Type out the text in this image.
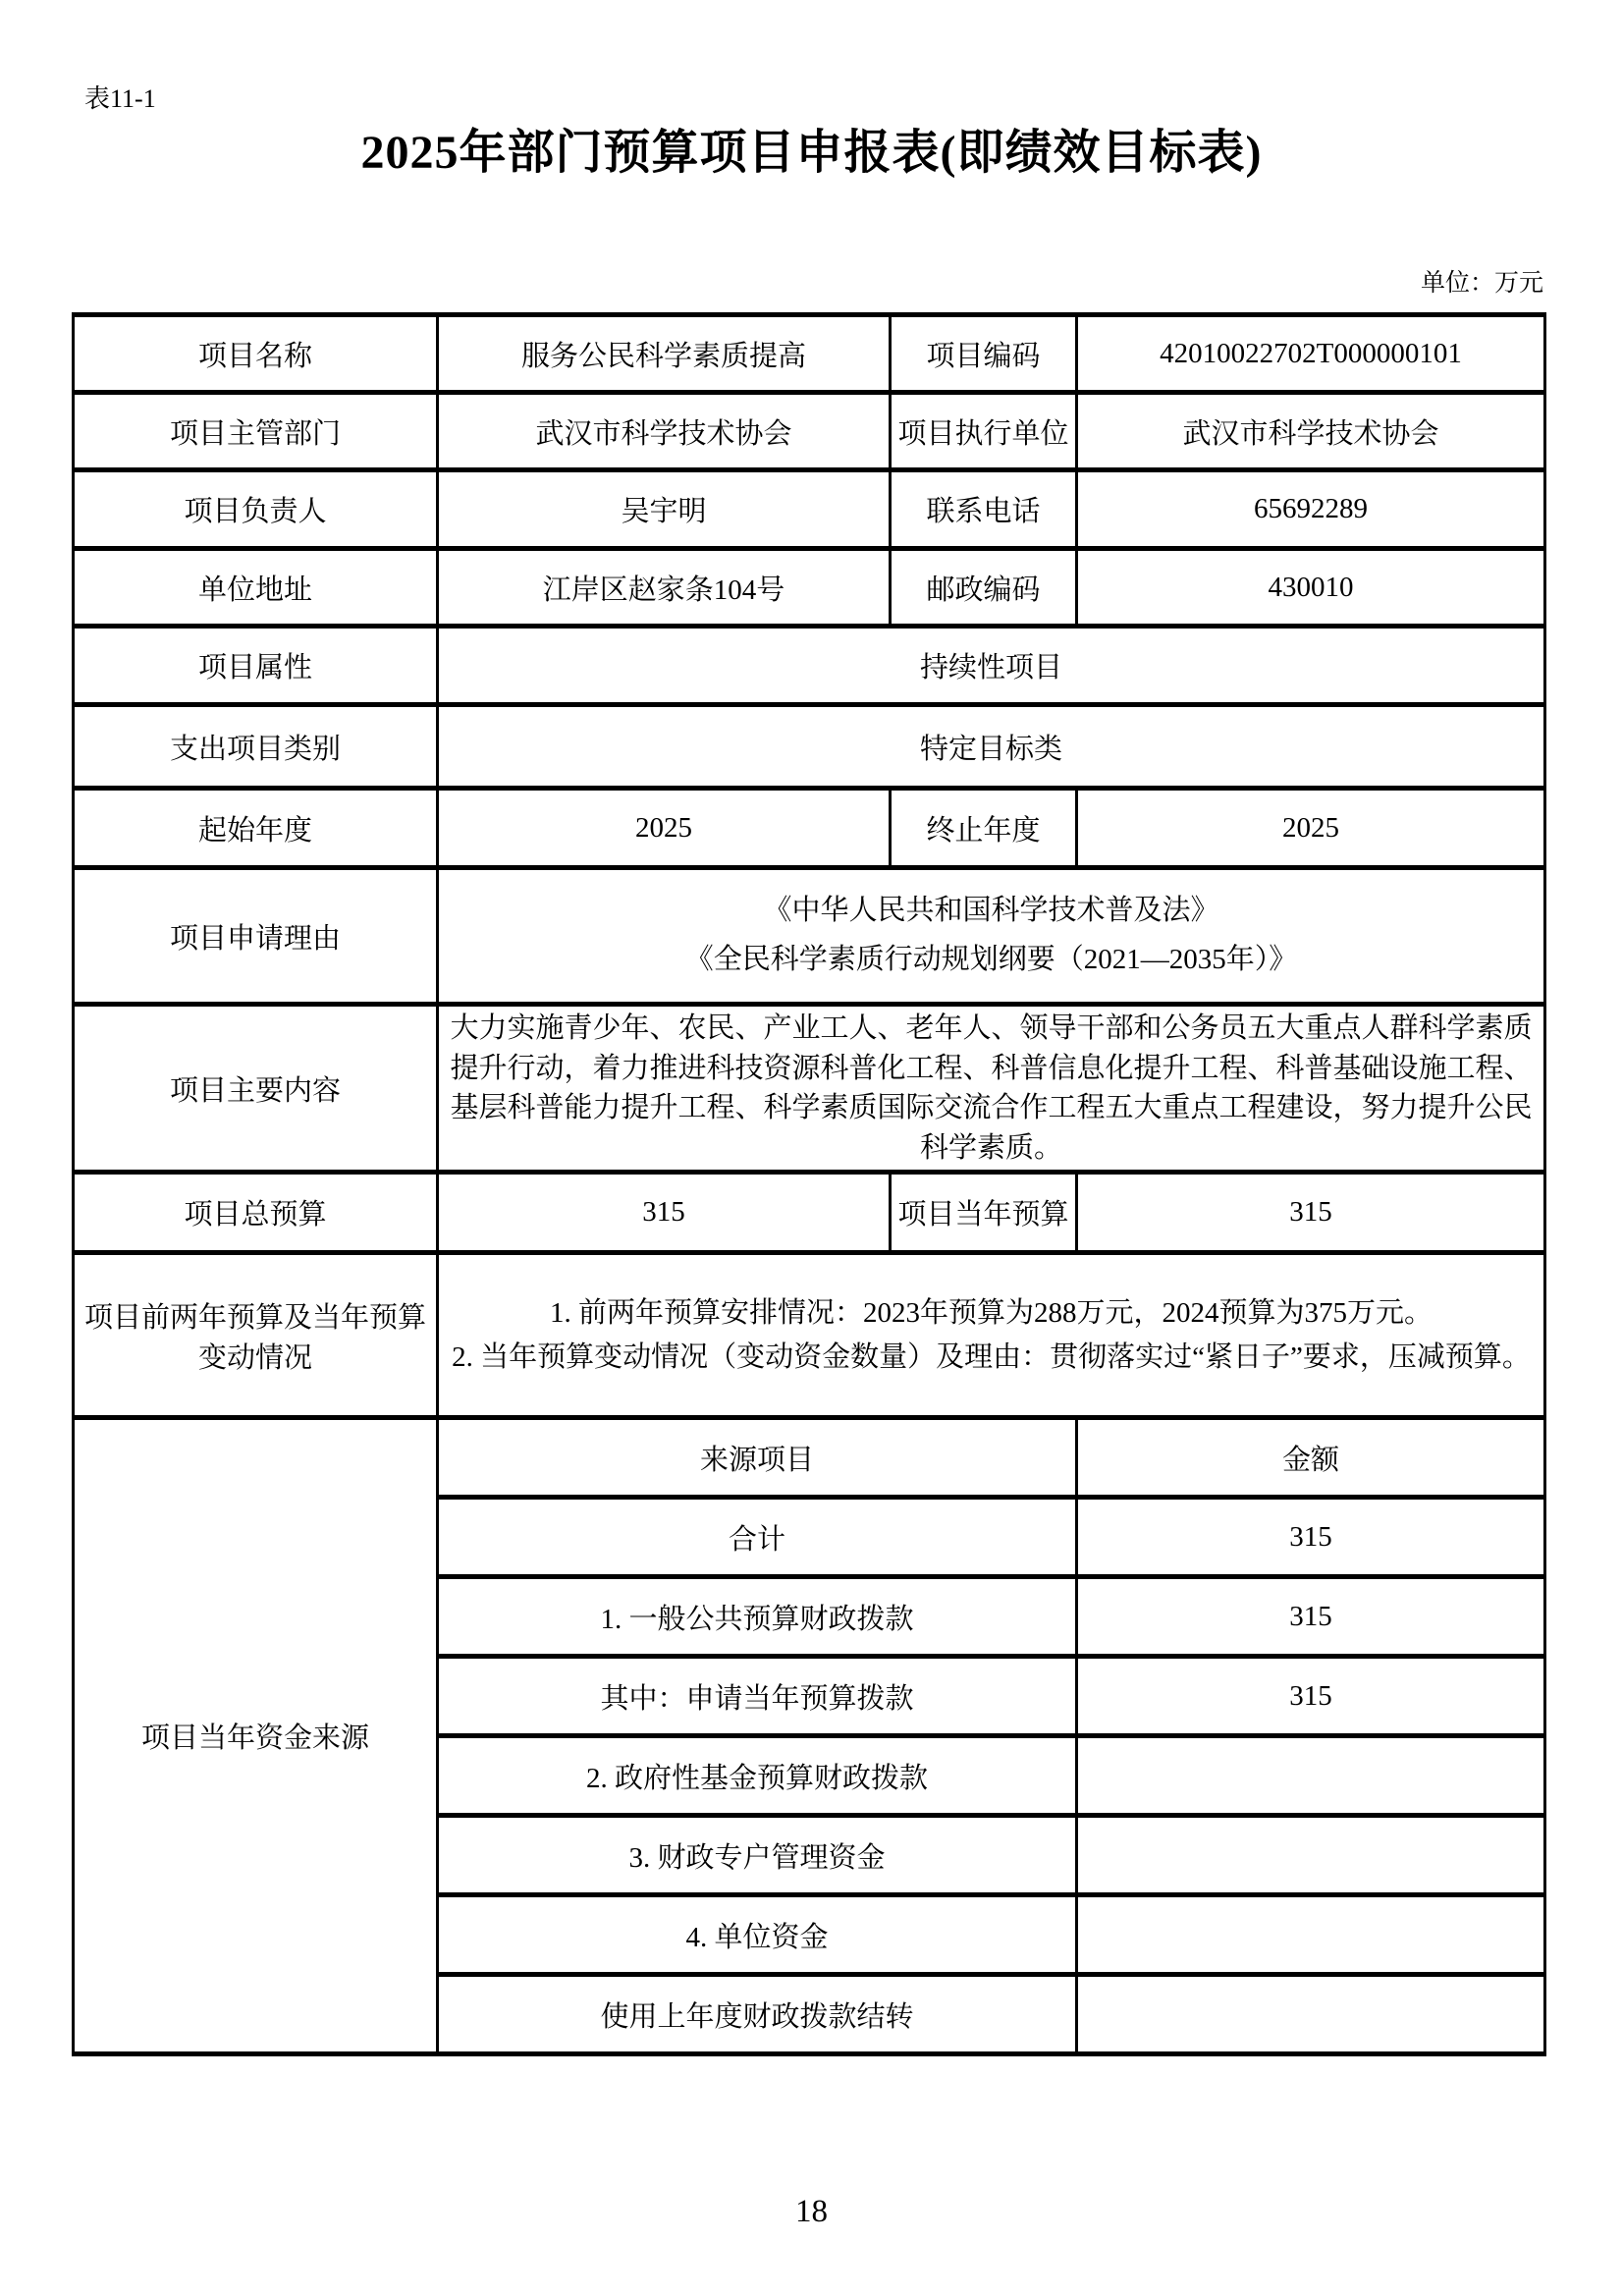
表11-1
2025年部门预算项目申报表(即绩效目标表)
单位：万元
项目名称	服务公民科学素质提高	项目编码	42010022702T000000101
项目主管部门	武汉市科学技术协会	项目执行单位	武汉市科学技术协会
项目负责人	吴宇明	联系电话	65692289
单位地址	江岸区赵家条104号	邮政编码	430010
项目属性	持续性项目		
支出项目类别	特定目标类		
起始年度	2025	终止年度	2025
项目申请理由	《中华人民共和国科学技术普及法》
《全民科学素质行动规划纲要（2021—2035年）》		

项目主要内容	大力实施青少年、农民、产业工人、老年人、领导干部和公务员五大重点人群科学素质提升行动，着力推进科技资源科普化工程、科普信息化提升工程、科普基础设施工程、基层科普能力提升工程、科学素质国际交流合作工程五大重点工程建设，努力提升公民科学素质。		
项目总预算	315	项目当年预算	315
项目前两年预算及当年预算变动情况	1. 前两年预算安排情况：2023年预算为288万元，2024预算为375万元。
2. 当年预算变动情况（变动资金数量）及理由：贯彻落实过“紧日子”要求，压减预算。		

项目当年资金来源	来源项目		金额
	合计		315
	1. 一般公共预算财政拨款		315
	其中：申请当年预算拨款		315
	2. 政府性基金预算财政拨款		
	3. 财政专户管理资金		
	4. 单位资金		
	使用上年度财政拨款结转		
18
